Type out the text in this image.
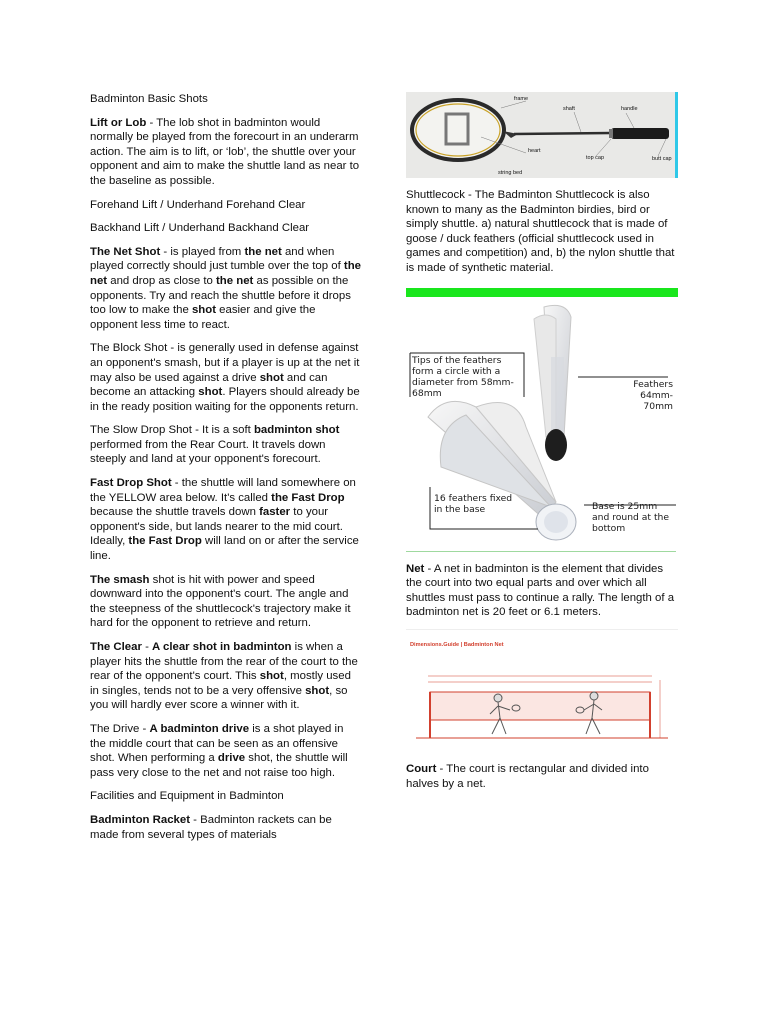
Badminton Basic Shots

Lift or Lob - The lob shot in badminton would normally be played from the forecourt in an underarm action. The aim is to lift, or ‘lob’, the shuttle over your opponent and aim to make the shuttle land as near to the baseline as possible.

Forehand Lift / Underhand Forehand Clear

Backhand Lift / Underhand Backhand Clear

The Net Shot - is played from the net and when played correctly should just tumble over the top of the net and drop as close to the net as possible on the opponents. Try and reach the shuttle before it drops too low to make the shot easier and give the opponent less time to react.

The Block Shot - is generally used in defense against an opponent's smash, but if a player is up at the net it may also be used against a drive shot and can become an attacking shot. Players should already be in the ready position waiting for the opponents return.

The Slow Drop Shot - It is a soft badminton shot performed from the Rear Court. It travels down steeply and land at your opponent's forecourt.

Fast Drop Shot - the shuttle will land somewhere on the YELLOW area below. It's called the Fast Drop because the shuttle travels down faster to your opponent's side, but lands nearer to the mid court. Ideally, the Fast Drop will land on or after the service line.

The smash shot is hit with power and speed downward into the opponent's court. The angle and the steepness of the shuttlecock's trajectory make it hard for the opponent to retrieve and return.

The Clear - A clear shot in badminton is when a player hits the shuttle from the rear of the court to the rear of the opponent's court. This shot, mostly used in singles, tends not to be a very offensive shot, so you will hardly ever score a winner with it.

The Drive - A badminton drive is a shot played in the middle court that can be seen as an offensive shot. When performing a drive shot, the shuttle will pass very close to the net and not raise too high.

Facilities and Equipment in Badminton

Badminton Racket - Badminton rackets can be made from several types of materials

frame
shaft	handle
heart
top cap	butt cap
string bed

Shuttlecock - The Badminton Shuttlecock is also known to many as the Badminton birdies, bird or simply shuttle. a) natural shuttlecock that is made of goose / duck feathers (official shuttlecock used in games and competition) and, b) the nylon shuttle that is made of synthetic material.

Tips of the feathers form a circle with a diameter from 58mm-68mm
Feathers 64mm-70mm
16 feathers fixed in the base	Base is 25mm and round at the bottom

Net - A net in badminton is the element that divides the court into two equal parts and over which all shuttles must pass to continue a rally. The length of a badminton net is 20 feet or 6.1 meters.

Dimensions.Guide | Badminton Net

Court - The court is rectangular and divided into halves by a net.
